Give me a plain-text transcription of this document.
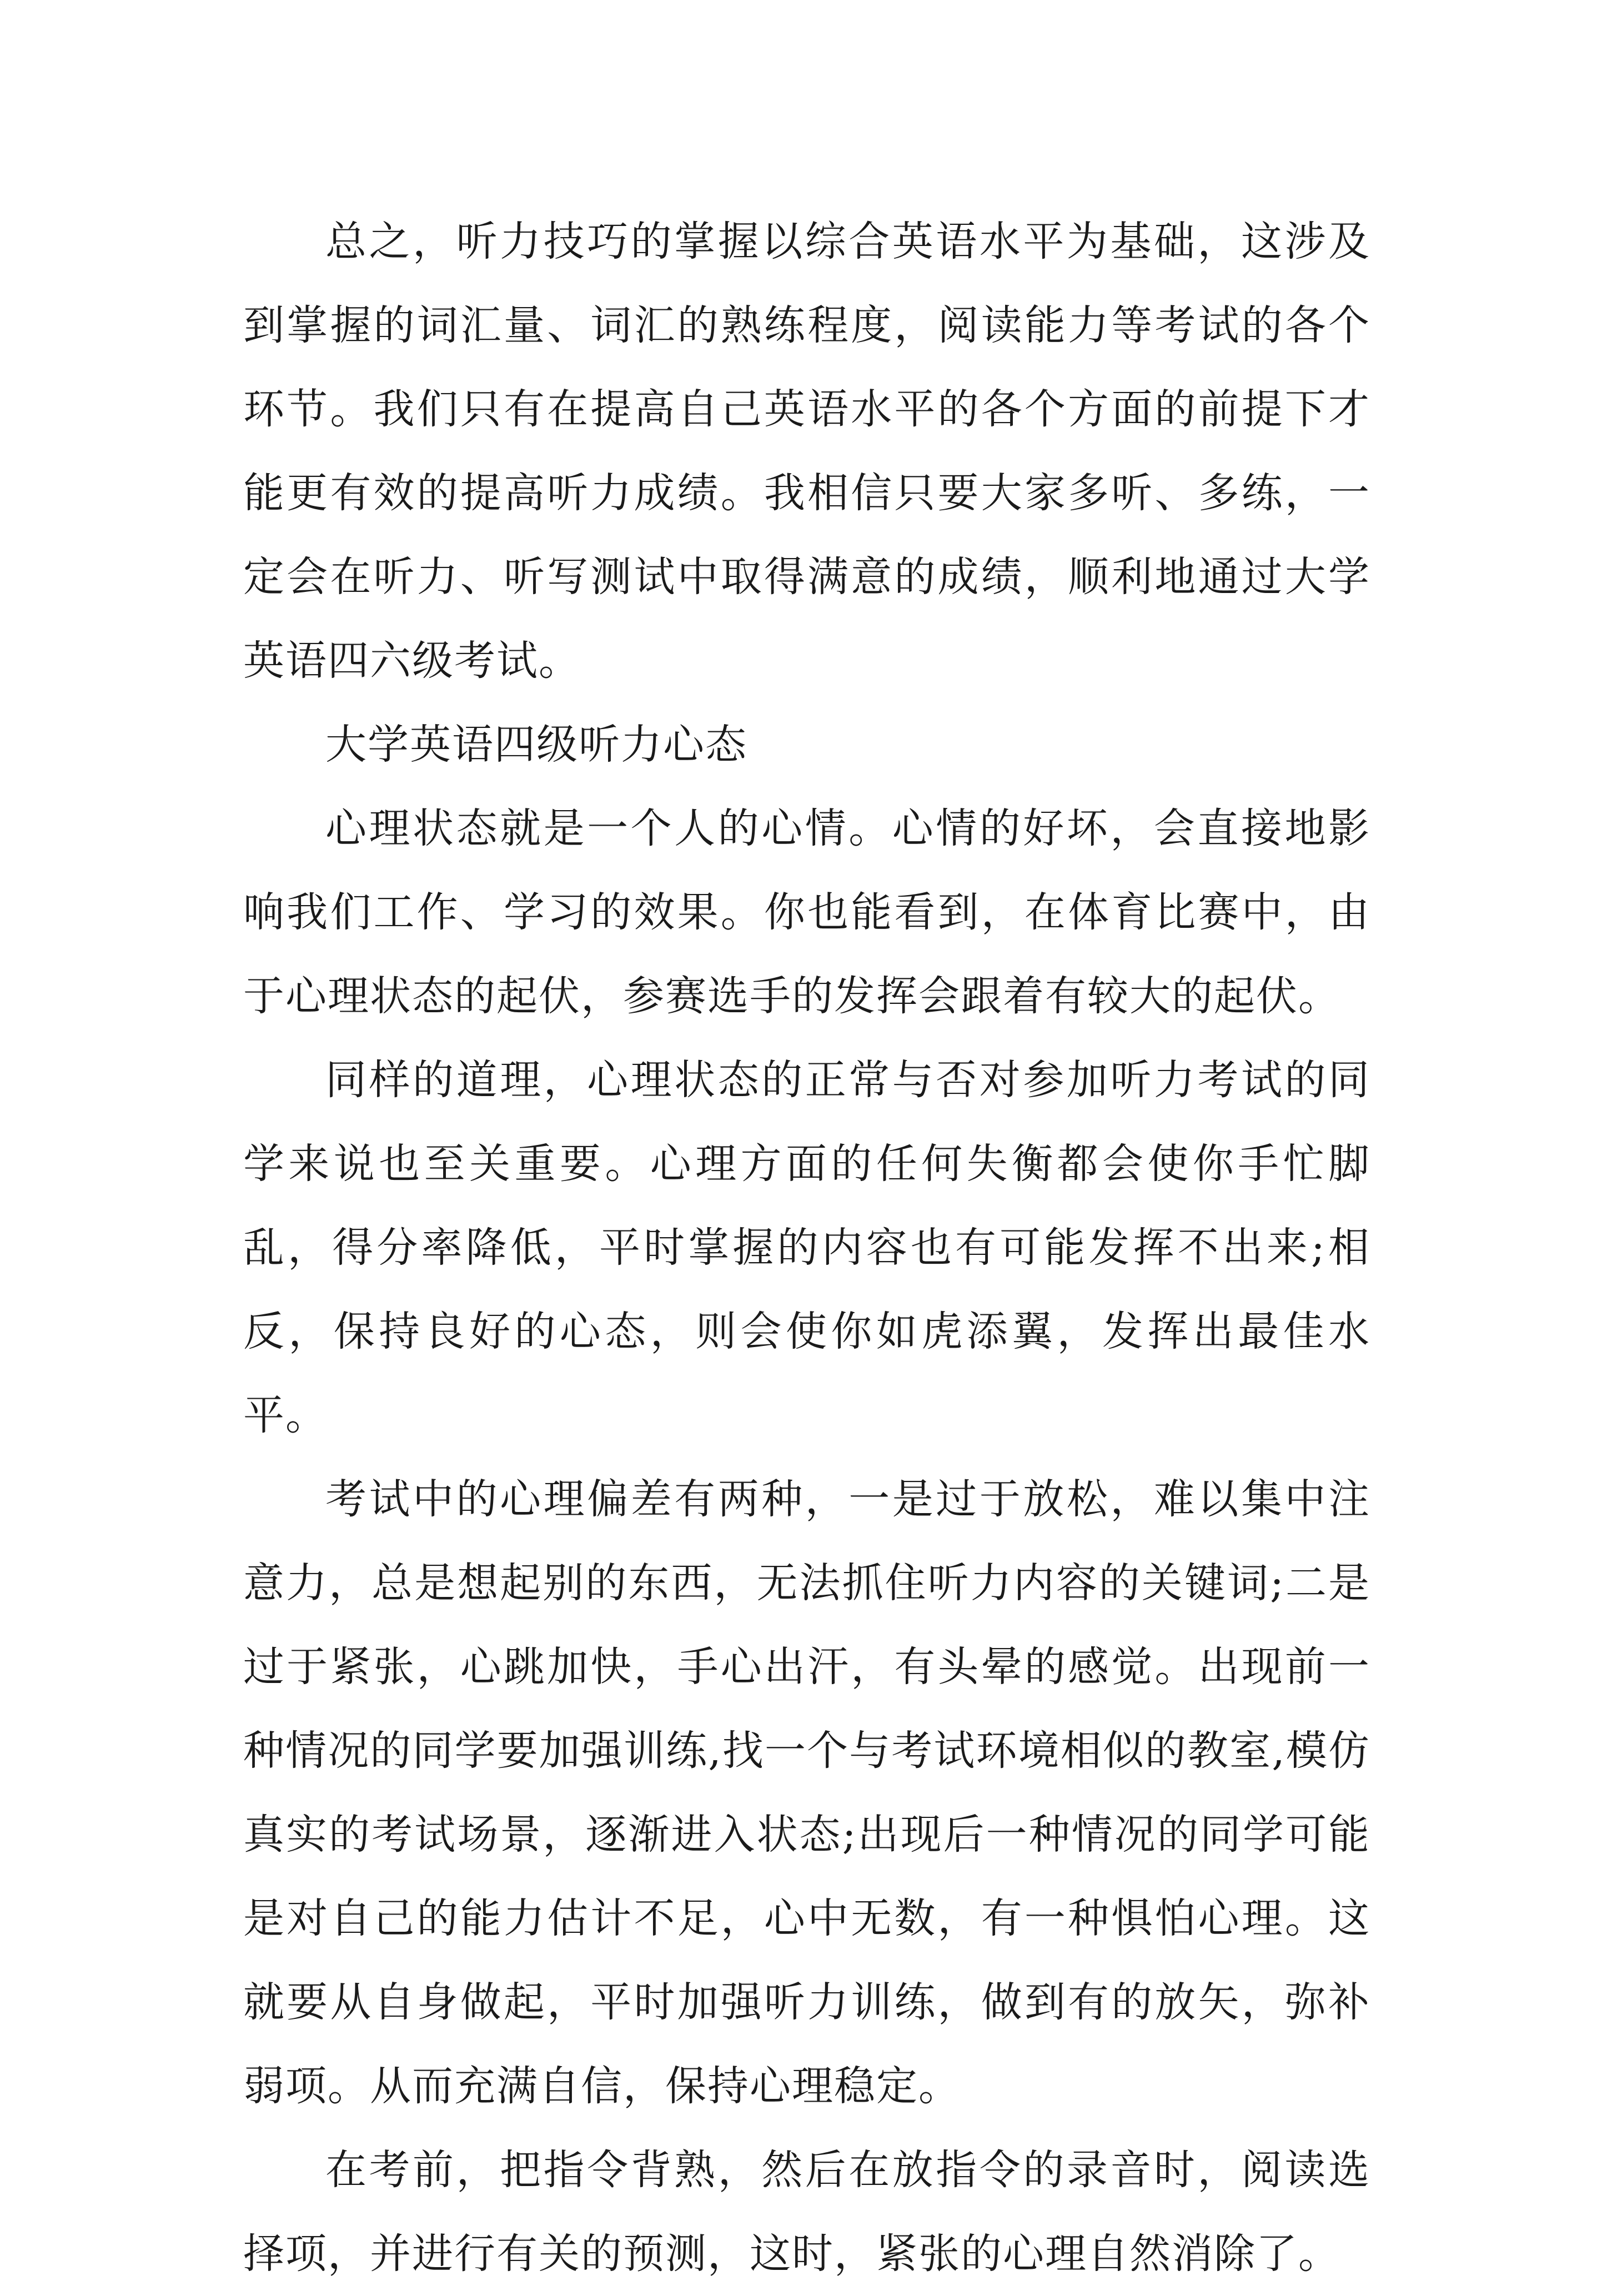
总之，听力技巧的掌握以综合英语水平为基础，这涉及到掌握的词汇量、词汇的熟练程度，阅读能力等考试的各个环节。我们只有在提高自己英语水平的各个方面的前提下才能更有效的提高听力成绩。我相信只要大家多听、多练，一定会在听力、听写测试中取得满意的成绩，顺利地通过大学英语四六级考试。

大学英语四级听力心态

心理状态就是一个人的心情。心情的好坏，会直接地影响我们工作、学习的效果。你也能看到，在体育比赛中，由于心理状态的起伏，参赛选手的发挥会跟着有较大的起伏。

同样的道理，心理状态的正常与否对参加听力考试的同学来说也至关重要。心理方面的任何失衡都会使你手忙脚乱，得分率降低，平时掌握的内容也有可能发挥不出来;相反，保持良好的心态，则会使你如虎添翼，发挥出最佳水平。

考试中的心理偏差有两种，一是过于放松，难以集中注意力，总是想起别的东西，无法抓住听力内容的关键词;二是过于紧张，心跳加快，手心出汗，有头晕的感觉。出现前一种情况的同学要加强训练,找一个与考试环境相似的教室,模仿真实的考试场景，逐渐进入状态;出现后一种情况的同学可能是对自己的能力估计不足，心中无数，有一种惧怕心理。这就要从自身做起，平时加强听力训练，做到有的放矢，弥补弱项。从而充满自信，保持心理稳定。

在考前，把指令背熟，然后在放指令的录音时，阅读选择项，并进行有关的预测，这时，紧张的心理自然消除了。
